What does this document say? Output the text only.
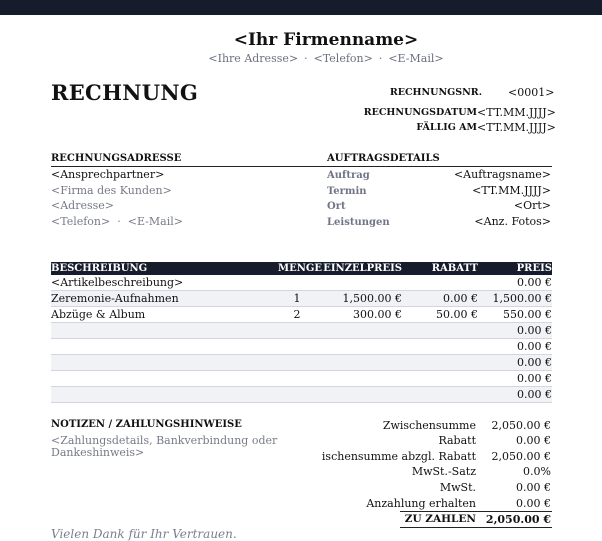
<Ihr Firmenname>
<Ihre Adresse> · <Telefon> · <E-Mail>
RECHNUNG	RECHNUNGSNR. <0001>
RECHNUNGSDATUM <TT.MM.JJJJ>
FÄLLIG AM <TT.MM.JJJJ>
RECHNUNGSADRESSE	AUFTRAGSDETAILS
<Ansprechpartner>
<Firma des Kunden>
<Adresse>
<Telefon> · <E-Mail>
Auftrag	<Auftragsname>
Termin	<TT.MM.JJJJ>
Ort	<Ort>
Leistungen	<Anz. Fotos>
BESCHREIBUNG	MENGE	EINZELPREIS	RABATT	PREIS
<Artikelbeschreibung>				0.00 €
Zeremonie-Aufnahmen	1	1,500.00 €	0.00 €	1,500.00 €
Abzüge & Album	2	300.00 €	50.00 €	550.00 €
				0.00 €
				0.00 €
				0.00 €
				0.00 €
				0.00 €
NOTIZEN / ZAHLUNGSHINWEISE
<Zahlungsdetails, Bankverbindung oder
Dankeshinweis>
Zwischensumme 2,050.00 €
Rabatt	0.00 €
ischensumme abzgl. Rabatt 2,050.00 €
MwSt.-Satz	0.0%
MwSt.	0.00 €
Anzahlung erhalten	0.00 €
ZU ZAHLEN 2,050.00 €
Vielen Dank für Ihr Vertrauen.
